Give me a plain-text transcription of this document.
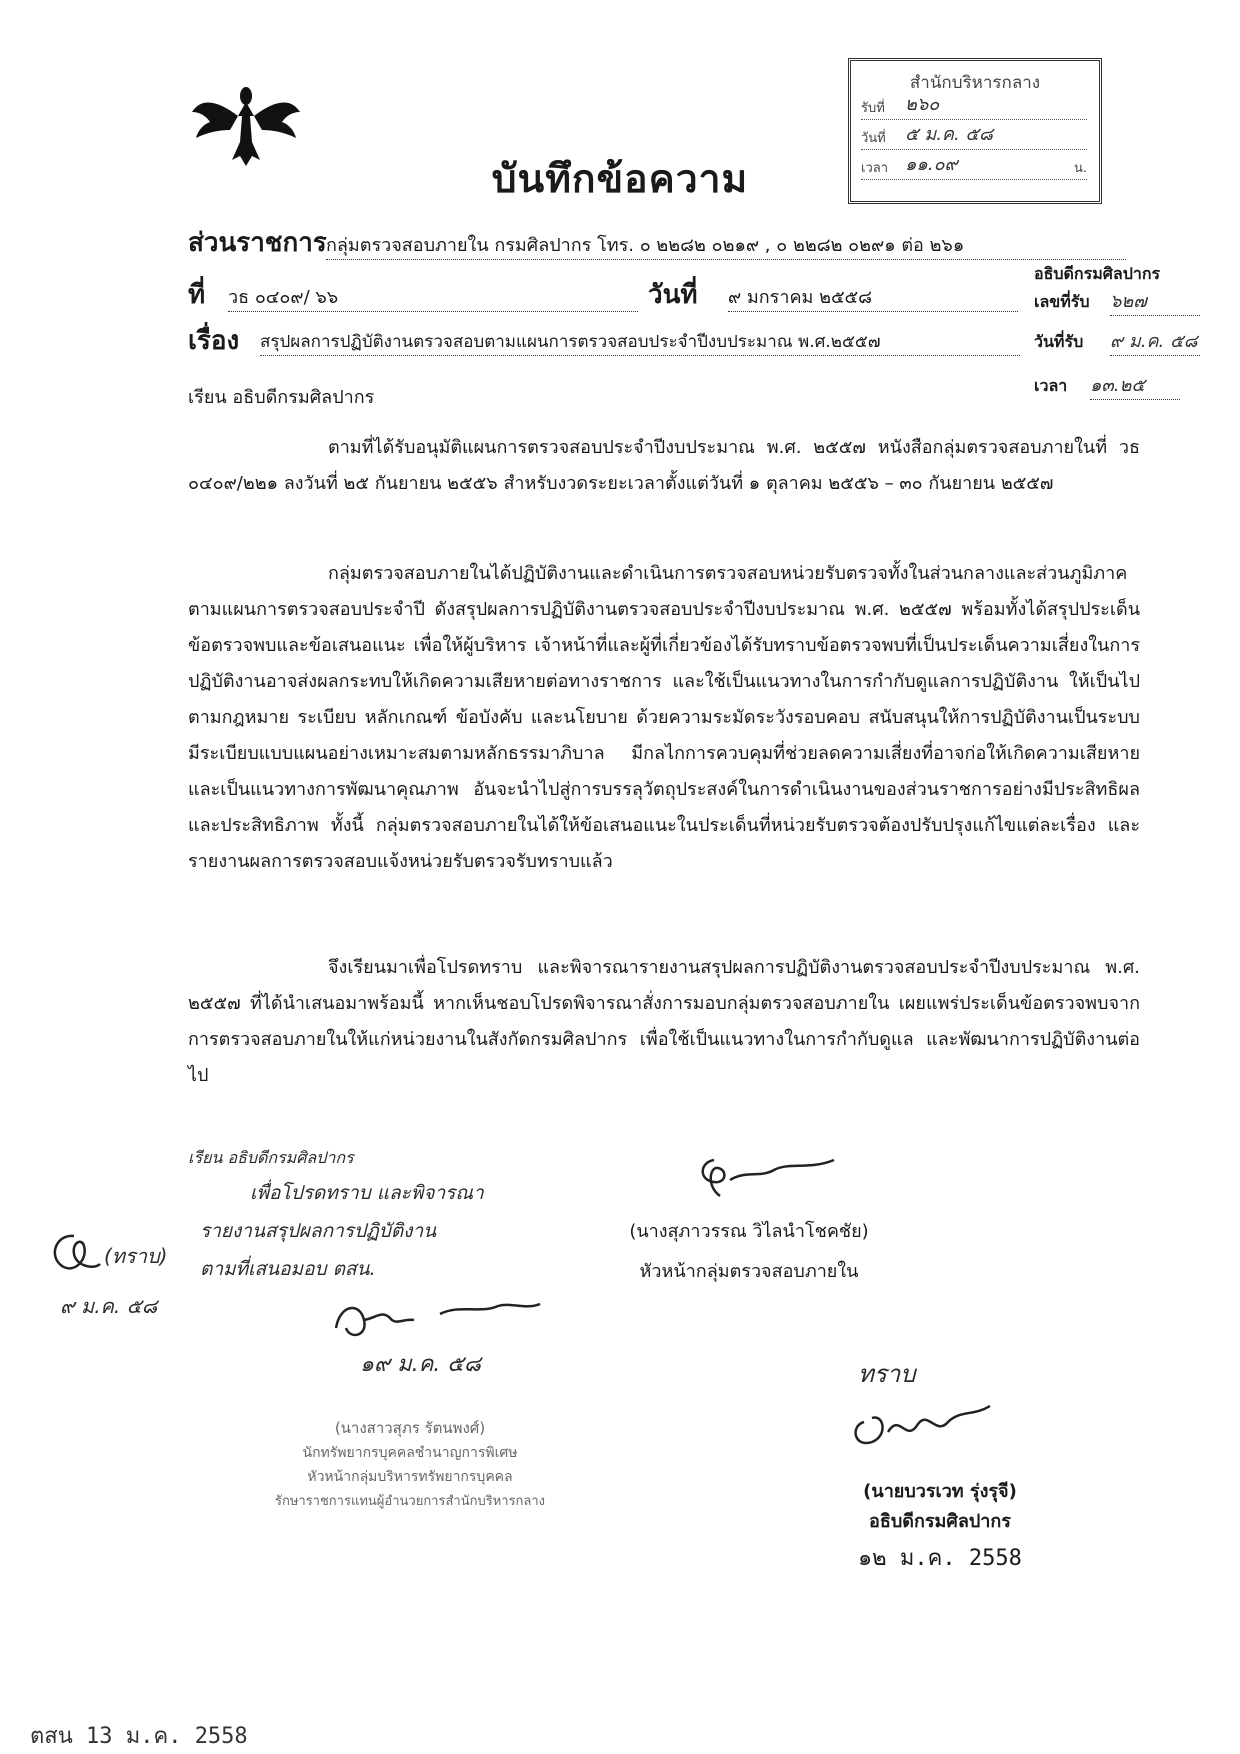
สำนักบริหารกลาง
รับที่ ๒๖๐
วันที่ ๕ ม.ค. ๕๘
เวลา ๑๑.๐๙	น.
บันทึกข้อความ
ส่วนราชการ กลุ่มตรวจสอบภายใน กรมศิลปากร โทร. ๐ ๒๒๘๒ ๐๒๑๙ , ๐ ๒๒๘๒ ๐๒๙๑ ต่อ ๒๖๑
ที่ วธ ๐๔๐๙/ ๖๖	วันที่ ๙ มกราคม ๒๕๕๘
เรื่อง สรุปผลการปฏิบัติงานตรวจสอบตามแผนการตรวจสอบประจำปีงบประมาณ พ.ศ.๒๕๕๗
อธิบดีกรมศิลปากร
เลขที่รับ ๖๒๗
วันที่รับ ๙ ม.ค. ๕๘
เวลา ๑๓.๒๕
เรียน อธิบดีกรมศิลปากร
ตามที่ได้รับอนุมัติแผนการตรวจสอบประจำปีงบประมาณ พ.ศ. ๒๕๕๗ หนังสือกลุ่มตรวจสอบภายในที่ วธ ๐๔๐๙/๒๒๑ ลงวันที่ ๒๕ กันยายน ๒๕๕๖ สำหรับงวดระยะเวลาตั้งแต่วันที่ ๑ ตุลาคม ๒๕๕๖ – ๓๐ กันยายน ๒๕๕๗
กลุ่มตรวจสอบภายในได้ปฏิบัติงานและดำเนินการตรวจสอบหน่วยรับตรวจทั้งในส่วนกลางและส่วนภูมิภาค ตามแผนการตรวจสอบประจำปี ดังสรุปผลการปฏิบัติงานตรวจสอบประจำปีงบประมาณ พ.ศ. ๒๕๕๗ พร้อมทั้งได้สรุปประเด็นข้อตรวจพบและข้อเสนอแนะ เพื่อให้ผู้บริหาร เจ้าหน้าที่และผู้ที่เกี่ยวข้องได้รับทราบข้อตรวจพบที่เป็นประเด็นความเสี่ยงในการปฏิบัติงานอาจส่งผลกระทบให้เกิดความเสียหายต่อทางราชการ และใช้เป็นแนวทางในการกำกับดูแลการปฏิบัติงาน ให้เป็นไปตามกฎหมาย ระเบียบ หลักเกณฑ์ ข้อบังคับ และนโยบาย ด้วยความระมัดระวังรอบคอบ สนับสนุนให้การปฏิบัติงานเป็นระบบ มีระเบียบแบบแผนอย่างเหมาะสมตามหลักธรรมาภิบาล มีกลไกการควบคุมที่ช่วยลดความเสี่ยงที่อาจก่อให้เกิดความเสียหายและเป็นแนวทางการพัฒนาคุณภาพ อันจะนำไปสู่การบรรลุวัตถุประสงค์ในการดำเนินงานของส่วนราชการอย่างมีประสิทธิผลและประสิทธิภาพ ทั้งนี้ กลุ่มตรวจสอบภายในได้ให้ข้อเสนอแนะในประเด็นที่หน่วยรับตรวจต้องปรับปรุงแก้ไขแต่ละเรื่อง และรายงานผลการตรวจสอบแจ้งหน่วยรับตรวจรับทราบแล้ว
จึงเรียนมาเพื่อโปรดทราบ และพิจารณารายงานสรุปผลการปฏิบัติงานตรวจสอบประจำปีงบประมาณ พ.ศ. ๒๕๕๗ ที่ได้นำเสนอมาพร้อมนี้ หากเห็นชอบโปรดพิจารณาสั่งการมอบกลุ่มตรวจสอบภายใน เผยแพร่ประเด็นข้อตรวจพบจากการตรวจสอบภายในให้แก่หน่วยงานในสังกัดกรมศิลปากร เพื่อใช้เป็นแนวทางในการกำกับดูแล และพัฒนาการปฏิบัติงานต่อไป
เรียน อธิบดีกรมศิลปากร
เพื่อโปรดทราบ และพิจารณา
รายงานสรุปผลการปฏิบัติงาน
ตามที่เสนอมอบ ตสน.
๑๙ ม.ค. ๕๘
(ทราบ)
๙ ม.ค. ๕๘
(นางสุภาวรรณ วิไลนำโชคชัย)
หัวหน้ากลุ่มตรวจสอบภายใน
(นางสาวสุภร รัตนพงศ์)
นักทรัพยากรบุคคลชำนาญการพิเศษ
หัวหน้ากลุ่มบริหารทรัพยากรบุคคล
รักษาราชการแทนผู้อำนวยการสำนักบริหารกลาง
ทราบ
(นายบวรเวท รุ่งรุจี)
อธิบดีกรมศิลปากร
๑๒ ม.ค. 2558
ตสน 13 ม.ค. 2558
